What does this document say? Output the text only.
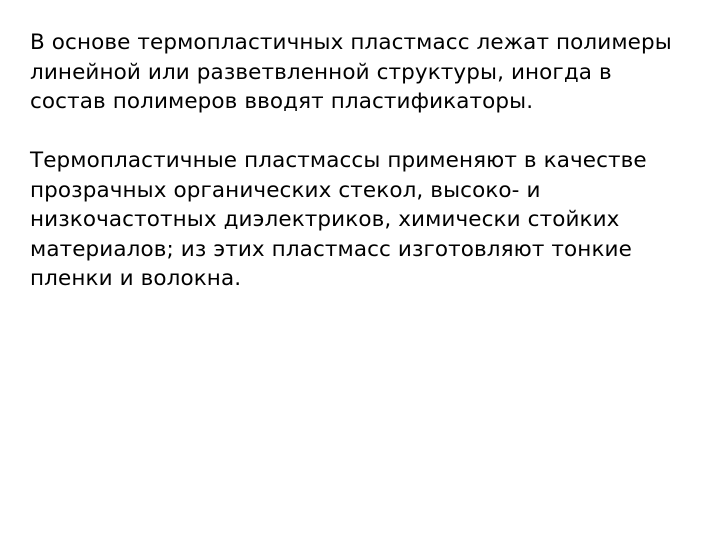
В основе термопластичных пластмасс лежат полимеры линейной или разветвленной структуры, иногда в состав полимеров вводят пластификаторы.

Термопластичные пластмассы применяют в качестве прозрачных органических стекол, высоко- и низкочастотных диэлектриков, химически стойких материалов; из этих пластмасс изготовляют тонкие пленки и волокна.
